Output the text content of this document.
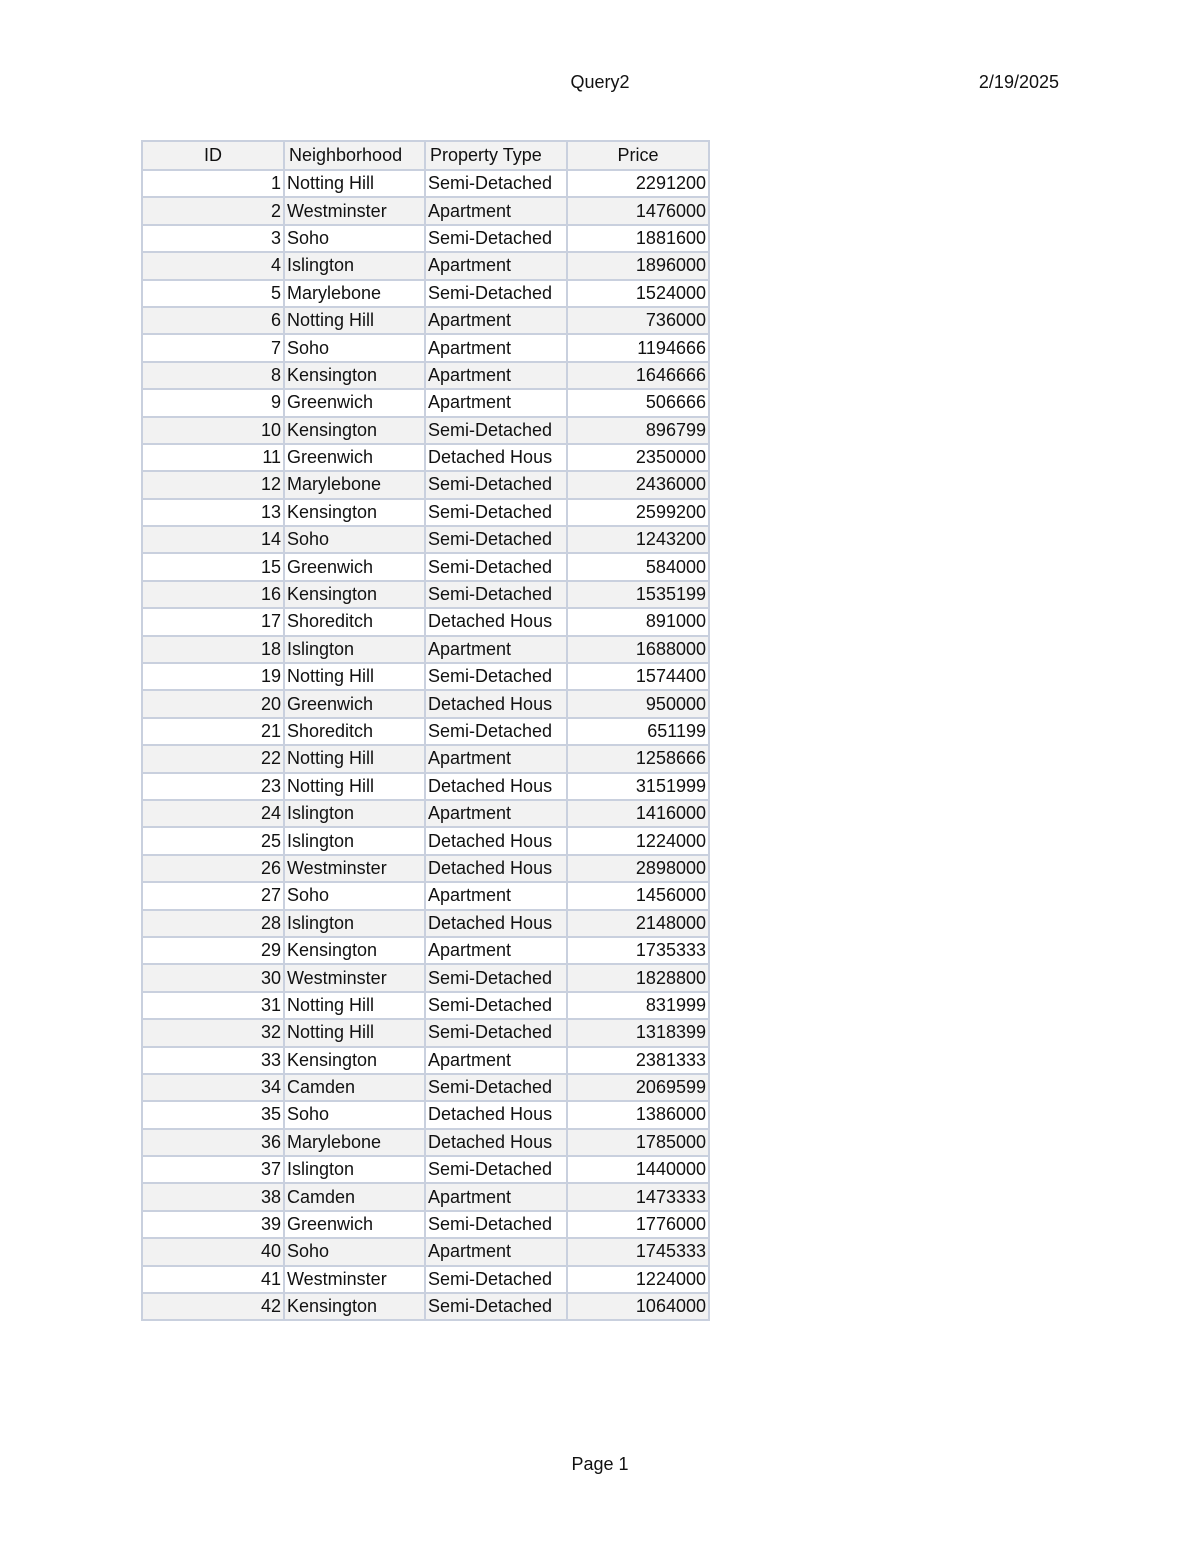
Query2	2/19/2025
ID	Neighborhood	Property Type	Price
1	Notting Hill	Semi-Detached	2291200
2	Westminster	Apartment	1476000
3	Soho	Semi-Detached	1881600
4	Islington	Apartment	1896000
5	Marylebone	Semi-Detached	1524000
6	Notting Hill	Apartment	736000
7	Soho	Apartment	1194666
8	Kensington	Apartment	1646666
9	Greenwich	Apartment	506666
10	Kensington	Semi-Detached	896799
11	Greenwich	Detached Hous	2350000
12	Marylebone	Semi-Detached	2436000
13	Kensington	Semi-Detached	2599200
14	Soho	Semi-Detached	1243200
15	Greenwich	Semi-Detached	584000
16	Kensington	Semi-Detached	1535199
17	Shoreditch	Detached Hous	891000
18	Islington	Apartment	1688000
19	Notting Hill	Semi-Detached	1574400
20	Greenwich	Detached Hous	950000
21	Shoreditch	Semi-Detached	651199
22	Notting Hill	Apartment	1258666
23	Notting Hill	Detached Hous	3151999
24	Islington	Apartment	1416000
25	Islington	Detached Hous	1224000
26	Westminster	Detached Hous	2898000
27	Soho	Apartment	1456000
28	Islington	Detached Hous	2148000
29	Kensington	Apartment	1735333
30	Westminster	Semi-Detached	1828800
31	Notting Hill	Semi-Detached	831999
32	Notting Hill	Semi-Detached	1318399
33	Kensington	Apartment	2381333
34	Camden	Semi-Detached	2069599
35	Soho	Detached Hous	1386000
36	Marylebone	Detached Hous	1785000
37	Islington	Semi-Detached	1440000
38	Camden	Apartment	1473333
39	Greenwich	Semi-Detached	1776000
40	Soho	Apartment	1745333
41	Westminster	Semi-Detached	1224000
42	Kensington	Semi-Detached	1064000
Page 1
